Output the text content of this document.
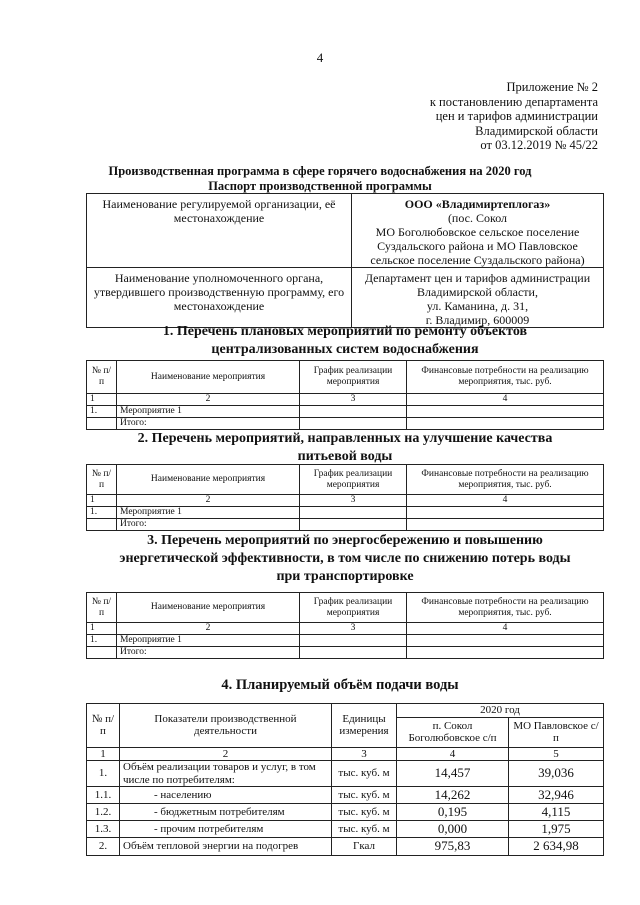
4
Приложение № 2
к постановлению департамента
цен и тарифов администрации
Владимирской области
от 03.12.2019 № 45/22
Производственная программа в сфере горячего водоснабжения на 2020 год
Паспорт производственной программы
Наименование регулируемой организации, её местонахождение	ООО «Владимиртеплогаз»
(пос. Сокол
МО Боголюбовское сельское поселение
Суздальского района и МО Павловское
сельское поселение Суздальского района)

Наименование уполномоченного органа, утвердившего производственную программу, его местонахождение	Департамент цен и тарифов администрации
Владимирской области,
ул. Каманина, д. 31,
г. Владимир, 600009
1. Перечень плановых мероприятий по ремонту объектов централизованных систем водоснабжения
№ п/п	Наименование мероприятия	График реализации мероприятия	Финансовые потребности на реализацию мероприятия, тыс. руб.
1	2	3	4
1.	Мероприятие 1		
	Итого:		
2. Перечень мероприятий, направленных на улучшение качества питьевой воды
№ п/п	Наименование мероприятия	График реализации мероприятия	Финансовые потребности на реализацию мероприятия, тыс. руб.
1	2	3	4
1.	Мероприятие 1		
	Итого:		
3. Перечень мероприятий по энергосбережению и повышению энергетической эффективности, в том числе по снижению потерь воды при транспортировке
№ п/п	Наименование мероприятия	График реализации мероприятия	Финансовые потребности на реализацию мероприятия, тыс. руб.
1	2	3	4
1.	Мероприятие 1		
	Итого:		
4. Планируемый объём подачи воды
№ п/п	Показатели производственной деятельности	Единицы измерения	2020 год	
			п. Сокол Боголюбовское с/п	МО Павловское с/п
1	2	3	4	5
1.	Объём реализации товаров и услуг, в том числе по потребителям:	тыс. куб. м	14,457	39,036
1.1.	- населению	тыс. куб. м	14,262	32,946
1.2.	- бюджетным потребителям	тыс. куб. м	0,195	4,115
1.3.	- прочим потребителям	тыс. куб. м	0,000	1,975
2.	Объём тепловой энергии на подогрев	Гкал	975,83	2 634,98
